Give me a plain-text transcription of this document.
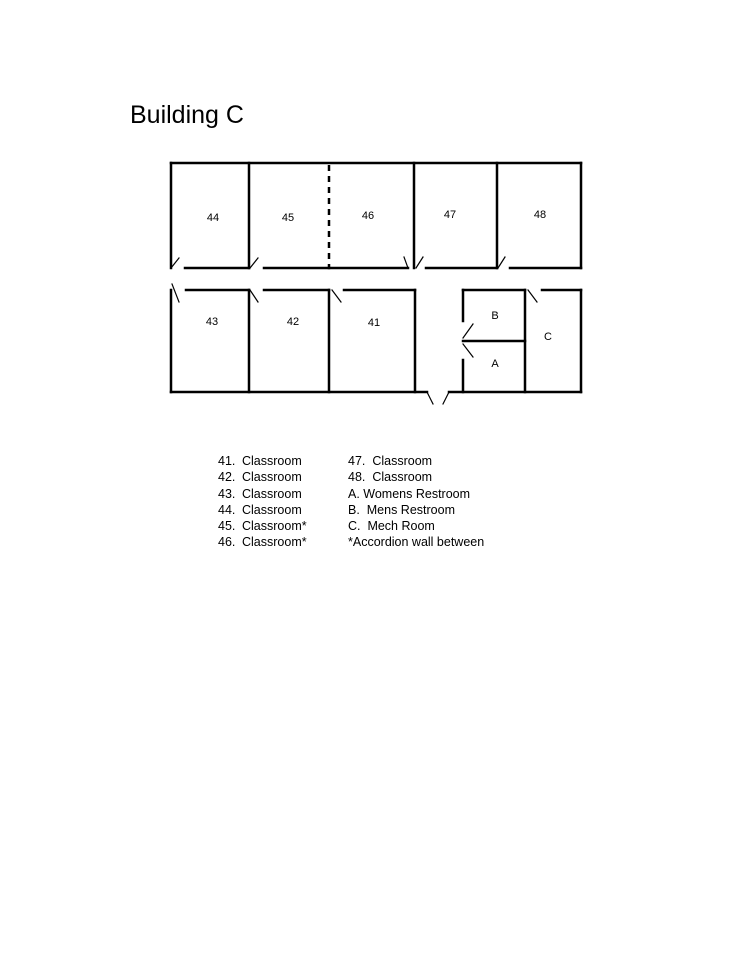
Building C
44	45	46	47	48
43	42	41
B
A
C
41. Classroom
42. Classroom
43. Classroom
44. Classroom
45. Classroom*
46. Classroom*
47.  Classroom
48.  Classroom
A. Womens Restroom
B.  Mens Restroom
C.  Mech Room
*Accordion wall between
